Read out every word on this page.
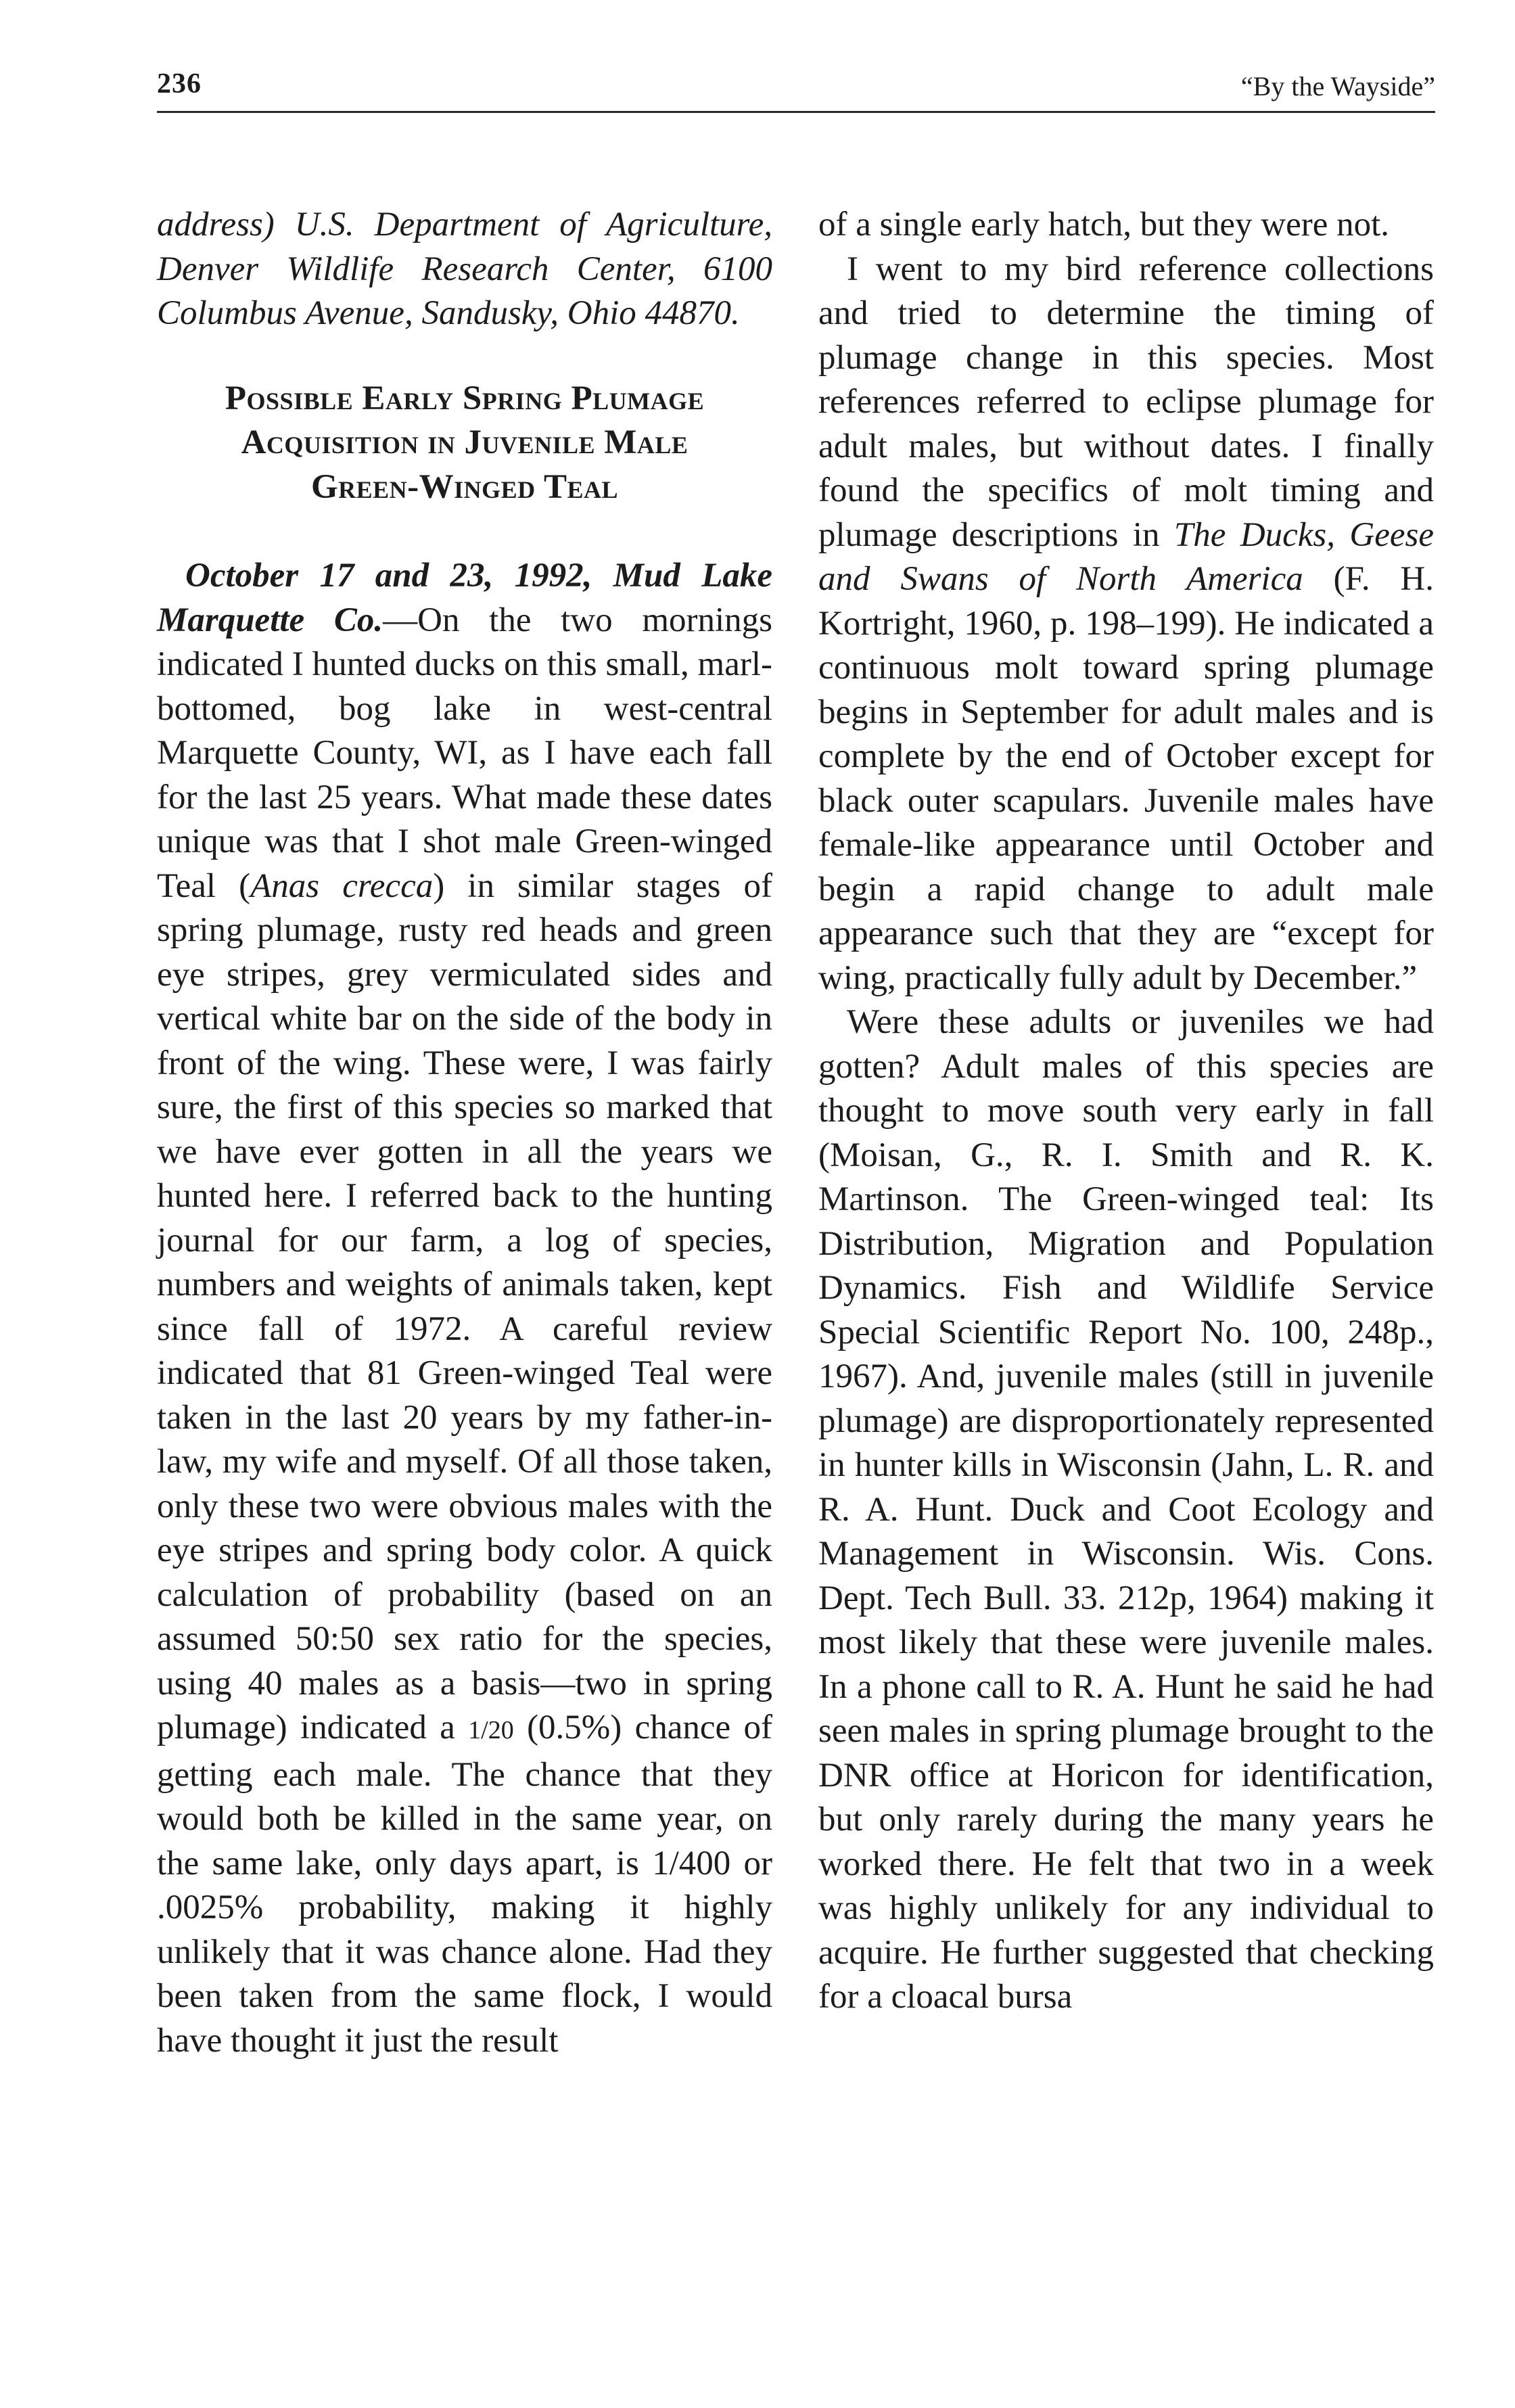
236	“By the Wayside”

address) U.S. Department of Agriculture, Denver Wildlife Research Center, 6100 Columbus Avenue, Sandusky, Ohio 44870.

Possible Early Spring Plumage
Acquisition in Juvenile Male
Green-Winged Teal

October 17 and 23, 1992, Mud Lake Marquette Co.—On the two mornings indicated I hunted ducks on this small, marl-bottomed, bog lake in west-central Marquette County, WI, as I have each fall for the last 25 years. What made these dates unique was that I shot male Green-winged Teal (Anas crecca) in similar stages of spring plumage, rusty red heads and green eye stripes, grey vermiculated sides and vertical white bar on the side of the body in front of the wing. These were, I was fairly sure, the first of this species so marked that we have ever gotten in all the years we hunted here. I referred back to the hunting journal for our farm, a log of species, numbers and weights of animals taken, kept since fall of 1972. A careful review indicated that 81 Green-winged Teal were taken in the last 20 years by my father-in-law, my wife and myself. Of all those taken, only these two were obvious males with the eye stripes and spring body color. A quick calculation of probability (based on an assumed 50:50 sex ratio for the species, using 40 males as a basis—two in spring plumage) indicated a 1/20 (0.5%) chance of getting each male. The chance that they would both be killed in the same year, on the same lake, only days apart, is 1/400 or .0025% probability, making it highly unlikely that it was chance alone. Had they been taken from the same flock, I would have thought it just the result

of a single early hatch, but they were not.

I went to my bird reference collections and tried to determine the timing of plumage change in this species. Most references referred to eclipse plumage for adult males, but without dates. I finally found the specifics of molt timing and plumage descriptions in The Ducks, Geese and Swans of North America (F. H. Kortright, 1960, p. 198–199). He indicated a continuous molt toward spring plumage begins in September for adult males and is complete by the end of October except for black outer scapulars. Juvenile males have female-like appearance until October and begin a rapid change to adult male appearance such that they are “except for wing, practically fully adult by December.”

Were these adults or juveniles we had gotten? Adult males of this species are thought to move south very early in fall (Moisan, G., R. I. Smith and R. K. Martinson. The Green-winged teal: Its Distribution, Migration and Population Dynamics. Fish and Wildlife Service Special Scientific Report No. 100, 248p., 1967). And, juvenile males (still in juvenile plumage) are disproportionately represented in hunter kills in Wisconsin (Jahn, L. R. and R. A. Hunt. Duck and Coot Ecology and Management in Wisconsin. Wis. Cons. Dept. Tech Bull. 33. 212p, 1964) making it most likely that these were juvenile males. In a phone call to R. A. Hunt he said he had seen males in spring plumage brought to the DNR office at Horicon for identification, but only rarely during the many years he worked there. He felt that two in a week was highly unlikely for any individual to acquire. He further suggested that checking for a cloacal bursa
